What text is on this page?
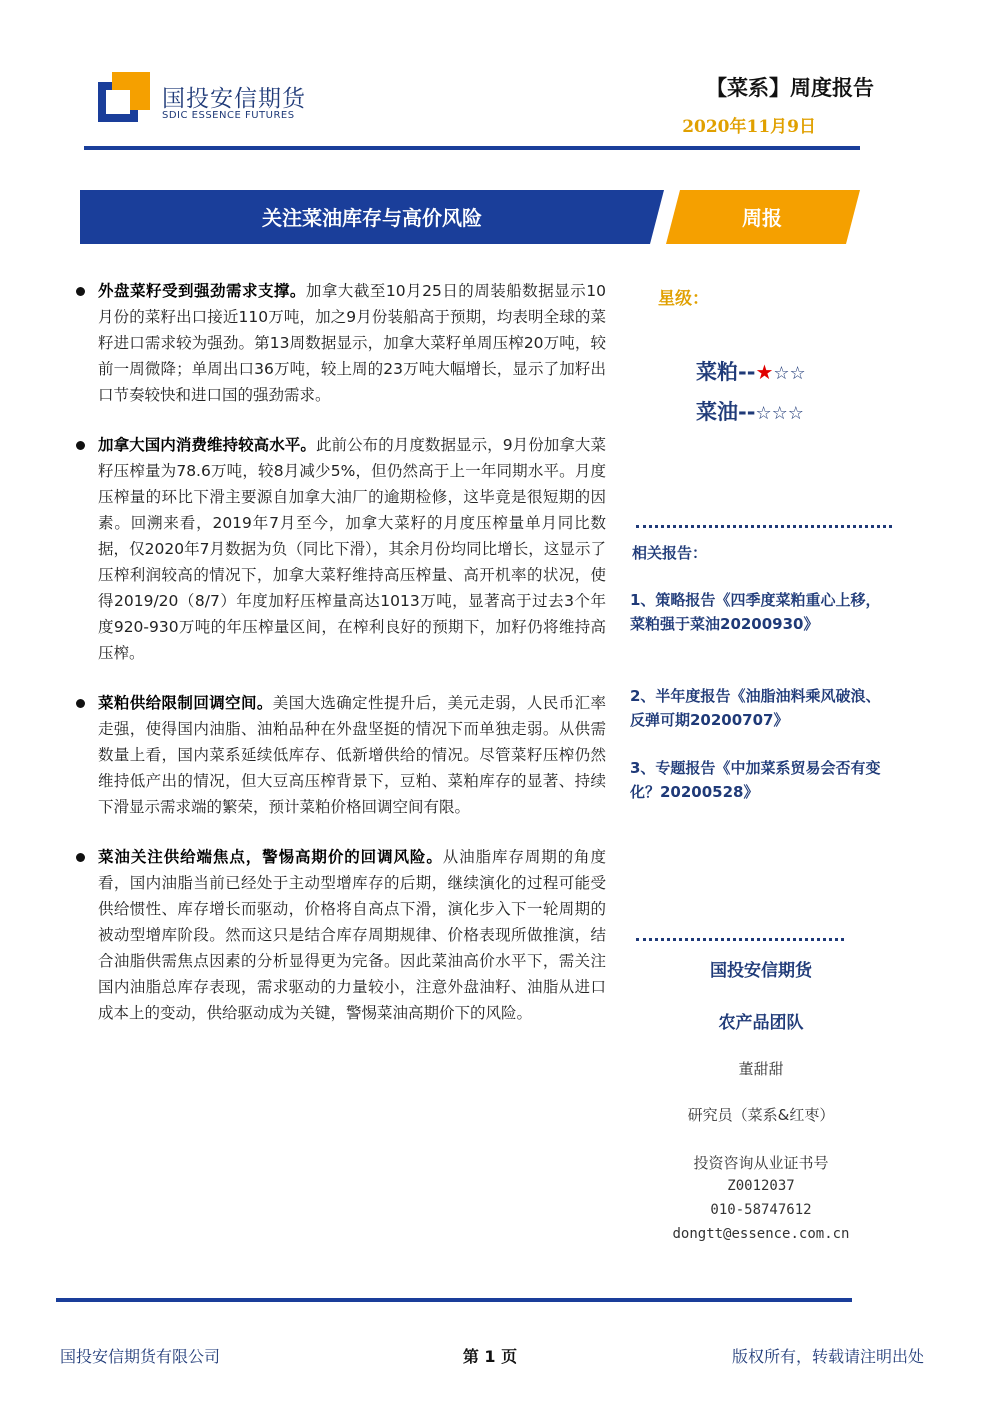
国投安信期货
SDIC ESSENCE FUTURES
【菜系】周度报告
2020年11月9日
关注菜油库存与高价风险	周报
外盘菜籽受到强劲需求支撑。加拿大截至10月25日的周装船数据显示10月份的菜籽出口接近110万吨，加之9月份装船高于预期，均表明全球的菜籽进口需求较为强劲。第13周数据显示，加拿大菜籽单周压榨20万吨，较前一周微降；单周出口36万吨，较上周的23万吨大幅增长，显示了加籽出口节奏较快和进口国的强劲需求。
加拿大国内消费维持较高水平。此前公布的月度数据显示，9月份加拿大菜籽压榨量为78.6万吨，较8月减少5%，但仍然高于上一年同期水平。月度压榨量的环比下滑主要源自加拿大油厂的逾期检修，这毕竟是很短期的因素。回溯来看，2019年7月至今，加拿大菜籽的月度压榨量单月同比数据，仅2020年7月数据为负（同比下滑），其余月份均同比增长，这显示了压榨利润较高的情况下，加拿大菜籽维持高压榨量、高开机率的状况，使得2019/20（8/7）年度加籽压榨量高达1013万吨，显著高于过去3个年度920-930万吨的年压榨量区间，在榨利良好的预期下，加籽仍将维持高压榨。
菜粕供给限制回调空间。美国大选确定性提升后，美元走弱，人民币汇率走强，使得国内油脂、油粕品种在外盘坚挺的情况下而单独走弱。从供需数量上看，国内菜系延续低库存、低新增供给的情况。尽管菜籽压榨仍然维持低产出的情况，但大豆高压榨背景下，豆粕、菜粕库存的显著、持续下滑显示需求端的繁荣，预计菜粕价格回调空间有限。
菜油关注供给端焦点，警惕高期价的回调风险。从油脂库存周期的角度看，国内油脂当前已经处于主动型增库存的后期，继续演化的过程可能受供给惯性、库存增长而驱动，价格将自高点下滑，演化步入下一轮周期的被动型增库阶段。然而这只是结合库存周期规律、价格表现所做推演，结合油脂供需焦点因素的分析显得更为完备。因此菜油高价水平下，需关注国内油脂总库存表现，需求驱动的力量较小，注意外盘油籽、油脂从进口成本上的变动，供给驱动成为关键，警惕菜油高期价下的风险。
星级：
菜粕--★☆☆
菜油--☆☆☆
相关报告：
1、策略报告《四季度菜粕重心上移，菜粕强于菜油20200930》
2、半年度报告《油脂油料乘风破浪、反弹可期20200707》
3、专题报告《中加菜系贸易会否有变化？20200528》
国投安信期货
农产品团队
董甜甜
研究员（菜系&红枣）
投资咨询从业证书号
Z0012037
010-58747612
dongtt@essence.com.cn
国投安信期货有限公司	第 1 页	版权所有，转载请注明出处
